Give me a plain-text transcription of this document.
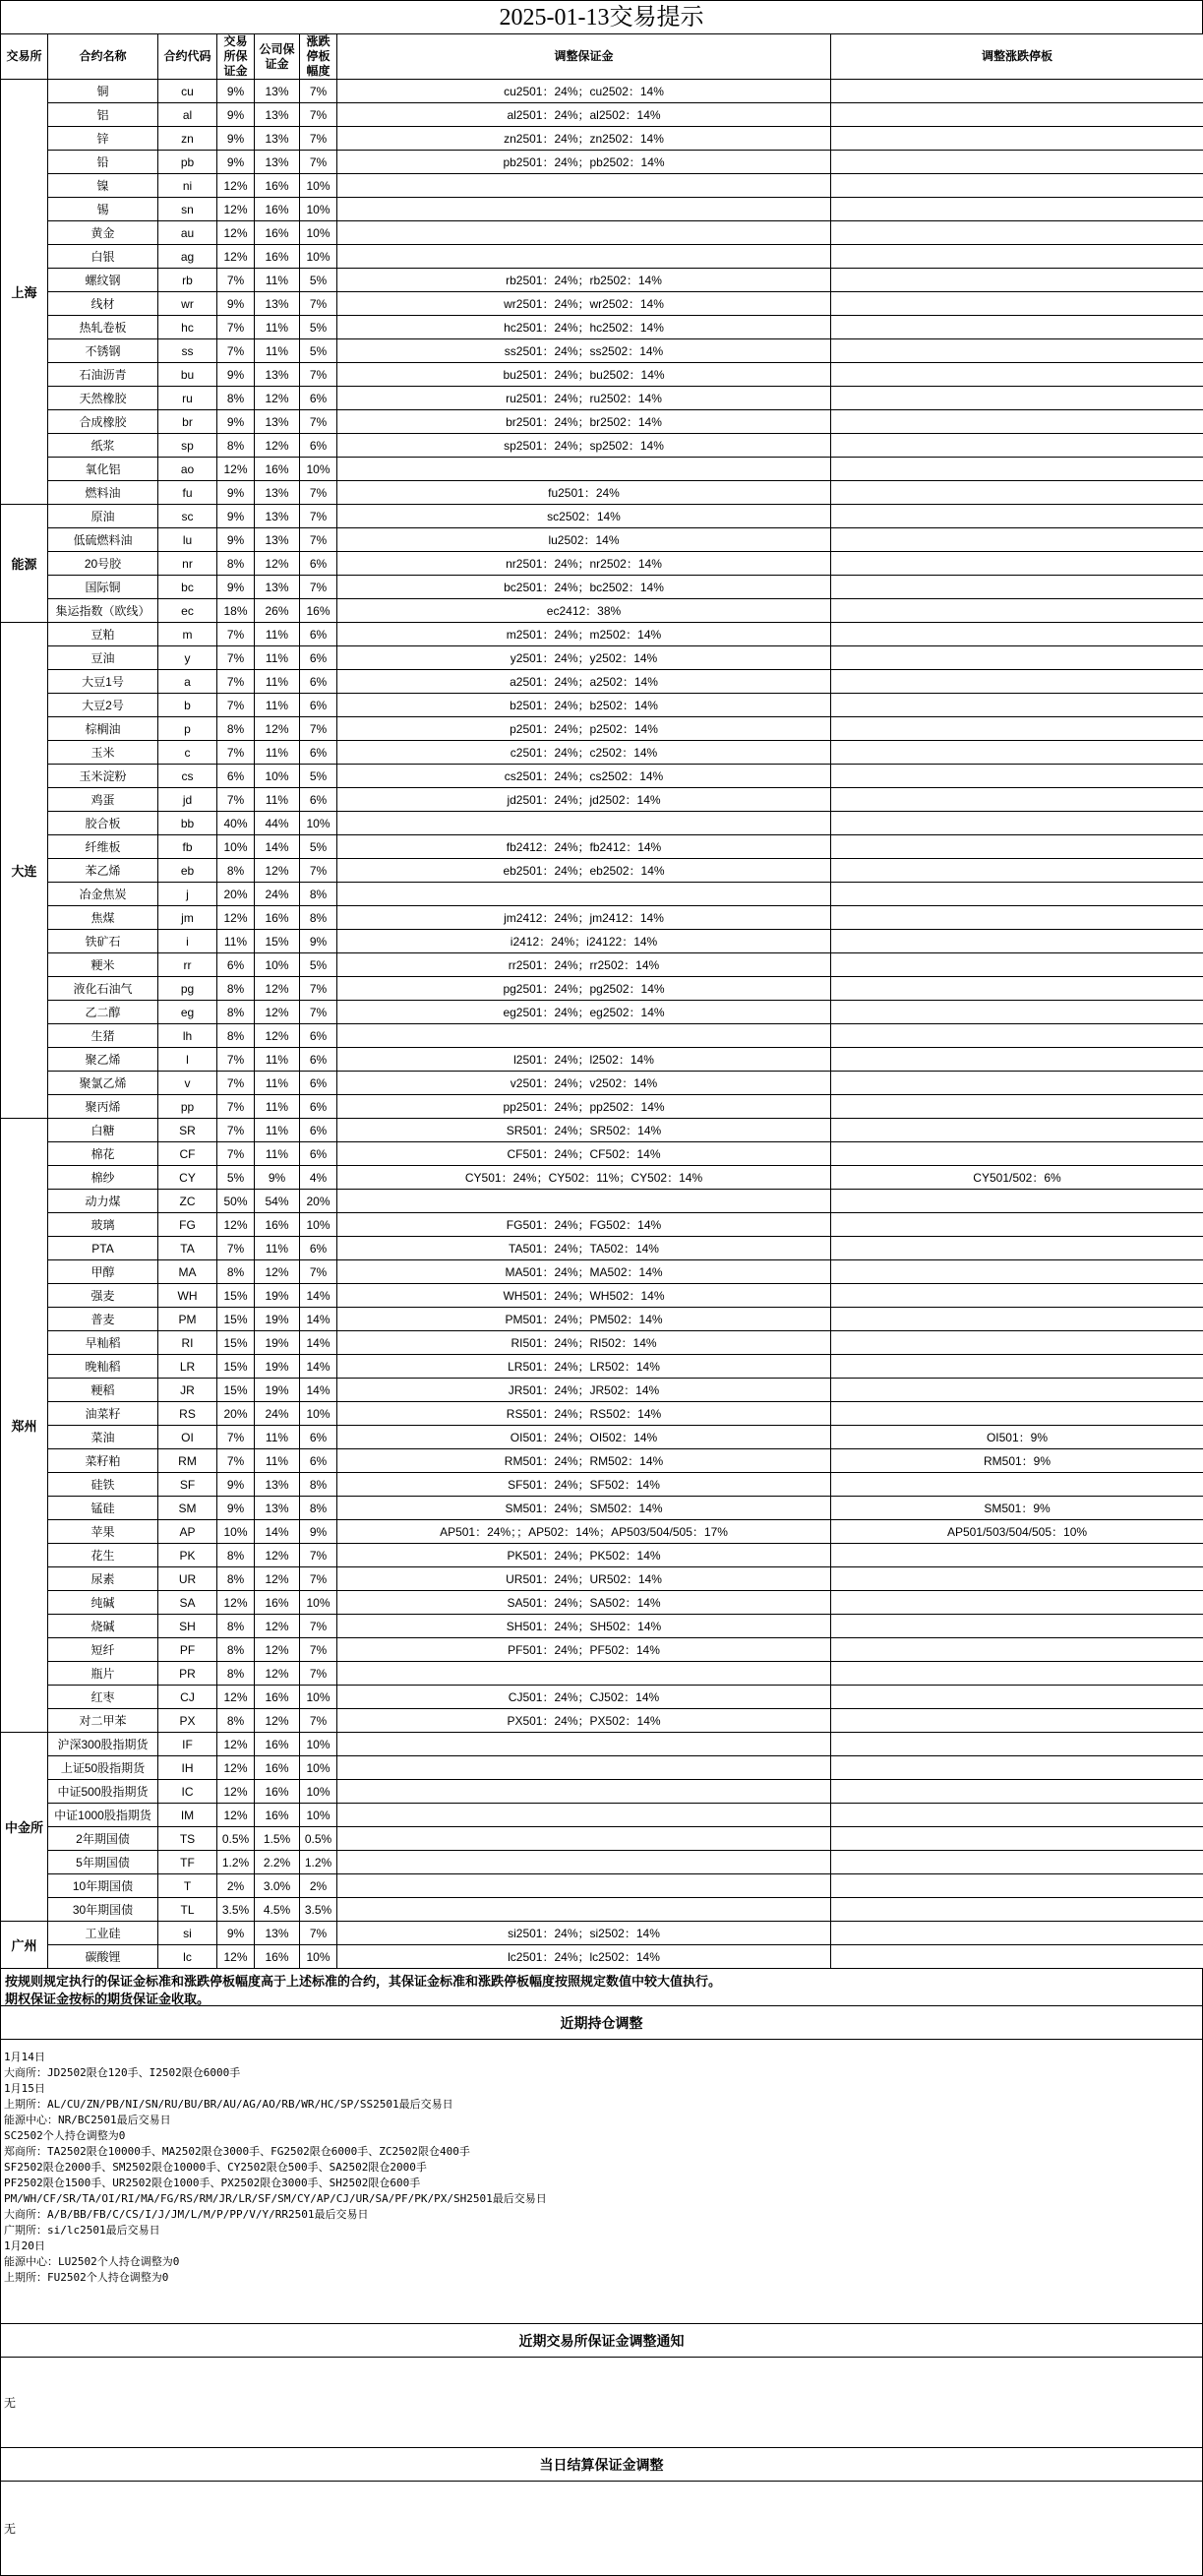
2025-01-13交易提示
交易所	合约名称	合约代码	交易所保证金	公司保证金	涨跌停板幅度	调整保证金	调整涨跌停板
上海	铜	cu	9%	13%	7%	cu2501：24%；cu2502：14%	
	铝	al	9%	13%	7%	al2501：24%；al2502：14%	
	锌	zn	9%	13%	7%	zn2501：24%；zn2502：14%	
	铅	pb	9%	13%	7%	pb2501：24%；pb2502：14%	
	镍	ni	12%	16%	10%		
	锡	sn	12%	16%	10%		
	黄金	au	12%	16%	10%		
	白银	ag	12%	16%	10%		
	螺纹钢	rb	7%	11%	5%	rb2501：24%；rb2502：14%	
	线材	wr	9%	13%	7%	wr2501：24%；wr2502：14%	
	热轧卷板	hc	7%	11%	5%	hc2501：24%；hc2502：14%	
	不锈钢	ss	7%	11%	5%	ss2501：24%；ss2502：14%	
	石油沥青	bu	9%	13%	7%	bu2501：24%；bu2502：14%	
	天然橡胶	ru	8%	12%	6%	ru2501：24%；ru2502：14%	
	合成橡胶	br	9%	13%	7%	br2501：24%；br2502：14%	
	纸浆	sp	8%	12%	6%	sp2501：24%；sp2502：14%	
	氧化铝	ao	12%	16%	10%		
	燃料油	fu	9%	13%	7%	fu2501：24%	
能源	原油	sc	9%	13%	7%	sc2502：14%	
	低硫燃料油	lu	9%	13%	7%	lu2502：14%	
	20号胶	nr	8%	12%	6%	nr2501：24%；nr2502：14%	
	国际铜	bc	9%	13%	7%	bc2501：24%；bc2502：14%	
	集运指数（欧线）	ec	18%	26%	16%	ec2412：38%	
大连	豆粕	m	7%	11%	6%	m2501：24%；m2502：14%	
	豆油	y	7%	11%	6%	y2501：24%；y2502：14%	
	大豆1号	a	7%	11%	6%	a2501：24%；a2502：14%	
	大豆2号	b	7%	11%	6%	b2501：24%；b2502：14%	
	棕榈油	p	8%	12%	7%	p2501：24%；p2502：14%	
	玉米	c	7%	11%	6%	c2501：24%；c2502：14%	
	玉米淀粉	cs	6%	10%	5%	cs2501：24%；cs2502：14%	
	鸡蛋	jd	7%	11%	6%	jd2501：24%；jd2502：14%	
	胶合板	bb	40%	44%	10%		
	纤维板	fb	10%	14%	5%	fb2412：24%；fb2412：14%	
	苯乙烯	eb	8%	12%	7%	eb2501：24%；eb2502：14%	
	冶金焦炭	j	20%	24%	8%		
	焦煤	jm	12%	16%	8%	jm2412：24%；jm2412：14%	
	铁矿石	i	11%	15%	9%	i2412：24%；i24122：14%	
	粳米	rr	6%	10%	5%	rr2501：24%；rr2502：14%	
	液化石油气	pg	8%	12%	7%	pg2501：24%；pg2502：14%	
	乙二醇	eg	8%	12%	7%	eg2501：24%；eg2502：14%	
	生猪	lh	8%	12%	6%		
	聚乙烯	l	7%	11%	6%	l2501：24%；l2502：14%	
	聚氯乙烯	v	7%	11%	6%	v2501：24%；v2502：14%	
	聚丙烯	pp	7%	11%	6%	pp2501：24%；pp2502：14%	
郑州	白糖	SR	7%	11%	6%	SR501：24%；SR502：14%	
	棉花	CF	7%	11%	6%	CF501：24%；CF502：14%	
	棉纱	CY	5%	9%	4%	CY501：24%；CY502：11%；CY502：14%	CY501/502：6%
	动力煤	ZC	50%	54%	20%		
	玻璃	FG	12%	16%	10%	FG501：24%；FG502：14%	
	PTA	TA	7%	11%	6%	TA501：24%；TA502：14%	
	甲醇	MA	8%	12%	7%	MA501：24%；MA502：14%	
	强麦	WH	15%	19%	14%	WH501：24%；WH502：14%	
	普麦	PM	15%	19%	14%	PM501：24%；PM502：14%	
	早籼稻	RI	15%	19%	14%	RI501：24%；RI502：14%	
	晚籼稻	LR	15%	19%	14%	LR501：24%；LR502：14%	
	粳稻	JR	15%	19%	14%	JR501：24%；JR502：14%	
	油菜籽	RS	20%	24%	10%	RS501：24%；RS502：14%	
	菜油	OI	7%	11%	6%	OI501：24%；OI502：14%	OI501：9%
	菜籽粕	RM	7%	11%	6%	RM501：24%；RM502：14%	RM501：9%
	硅铁	SF	9%	13%	8%	SF501：24%；SF502：14%	
	锰硅	SM	9%	13%	8%	SM501：24%；SM502：14%	SM501：9%
	苹果	AP	10%	14%	9%	AP501：24%；；AP502：14%；AP503/504/505：17%	AP501/503/504/505：10%
	花生	PK	8%	12%	7%	PK501：24%；PK502：14%	
	尿素	UR	8%	12%	7%	UR501：24%；UR502：14%	
	纯碱	SA	12%	16%	10%	SA501：24%；SA502：14%	
	烧碱	SH	8%	12%	7%	SH501：24%；SH502：14%	
	短纤	PF	8%	12%	7%	PF501：24%；PF502：14%	
	瓶片	PR	8%	12%	7%		
	红枣	CJ	12%	16%	10%	CJ501：24%；CJ502：14%	
	对二甲苯	PX	8%	12%	7%	PX501：24%；PX502：14%	
中金所	沪深300股指期货	IF	12%	16%	10%		
	上证50股指期货	IH	12%	16%	10%		
	中证500股指期货	IC	12%	16%	10%		
	中证1000股指期货	IM	12%	16%	10%		
	2年期国债	TS	0.5%	1.5%	0.5%		
	5年期国债	TF	1.2%	2.2%	1.2%		
	10年期国债	T	2%	3.0%	2%		
	30年期国债	TL	3.5%	4.5%	3.5%		
广州	工业硅	si	9%	13%	7%	si2501：24%；si2502：14%	
	碳酸锂	lc	12%	16%	10%	lc2501：24%；lc2502：14%	
按规则规定执行的保证金标准和涨跌停板幅度高于上述标准的合约，其保证金标准和涨跌停板幅度按照规定数值中较大值执行。
期权保证金按标的期货保证金收取。
近期持仓调整
1月14日
大商所：JD2502限仓120手、I2502限仓6000手
1月15日
上期所：AL/CU/ZN/PB/NI/SN/RU/BU/BR/AU/AG/AO/RB/WR/HC/SP/SS2501最后交易日
能源中心：NR/BC2501最后交易日
SC2502个人持仓调整为0
郑商所：TA2502限仓10000手、MA2502限仓3000手、FG2502限仓6000手、ZC2502限仓400手
SF2502限仓2000手、SM2502限仓10000手、CY2502限仓500手、SA2502限仓2000手
PF2502限仓1500手、UR2502限仓1000手、PX2502限仓3000手、SH2502限仓600手
PM/WH/CF/SR/TA/OI/RI/MA/FG/RS/RM/JR/LR/SF/SM/CY/AP/CJ/UR/SA/PF/PK/PX/SH2501最后交易日
大商所：A/B/BB/FB/C/CS/I/J/JM/L/M/P/PP/V/Y/RR2501最后交易日
广期所：si/lc2501最后交易日
1月20日
能源中心：LU2502个人持仓调整为0
上期所：FU2502个人持仓调整为0
近期交易所保证金调整通知
无
当日结算保证金调整
无
